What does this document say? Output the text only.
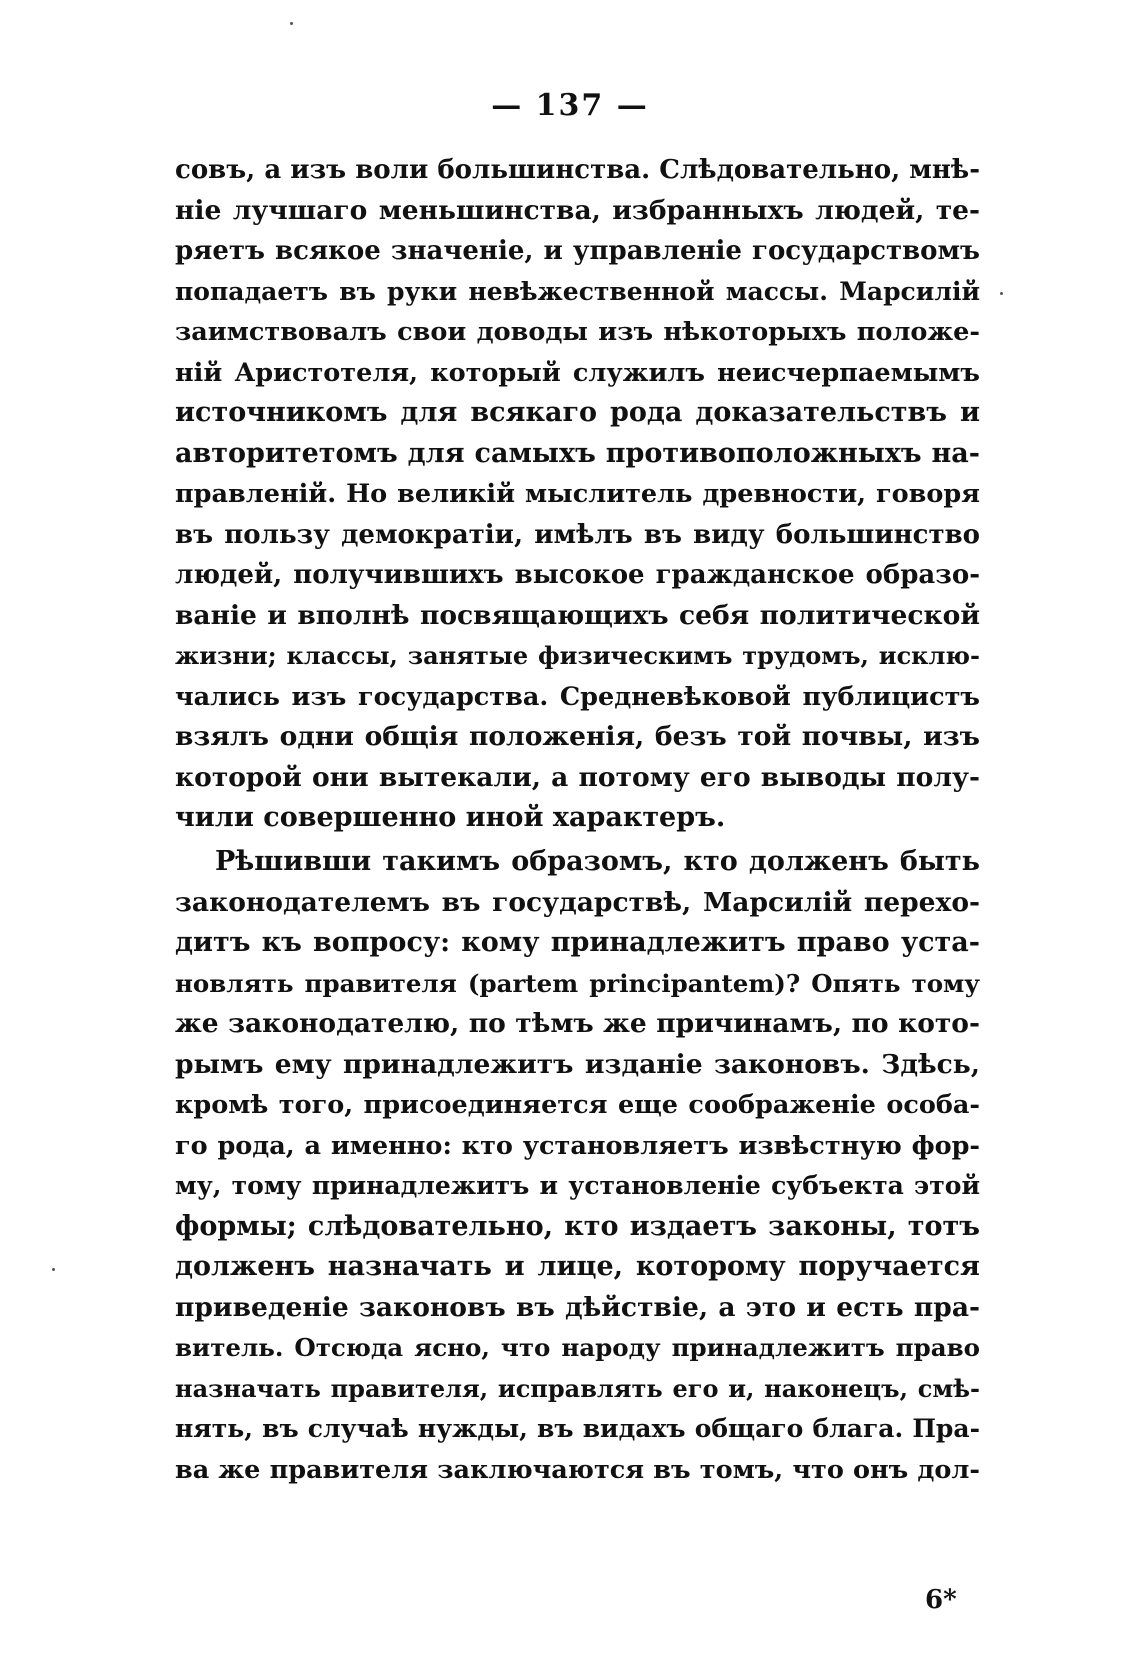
— 137 —
совъ, а изъ воли большинства. Слѣдовательно, мнѣ-
ніе лучшаго меньшинства, избранныхъ людей, те-
ряетъ всякое значеніе, и управленіе государствомъ
попадаетъ въ руки невѣжественной массы. Марсилій
заимствовалъ свои доводы изъ нѣкоторыхъ положе-
ній Аристотеля, который служилъ неисчерпаемымъ
источникомъ для всякаго рода доказательствъ и
авторитетомъ для самыхъ противоположныхъ на-
правленій. Но великій мыслитель древности, говоря
въ пользу демократіи, имѣлъ въ виду большинство
людей, получившихъ высокое гражданское образо-
ваніе и вполнѣ посвящающихъ себя политической
жизни; классы, занятые физическимъ трудомъ, исклю-
чались изъ государства. Средневѣковой публицистъ
взялъ одни общія положенія, безъ той почвы, изъ
которой они вытекали, а потому его выводы полу-
чили совершенно иной характеръ.
Рѣшивши такимъ образомъ, кто долженъ быть
законодателемъ въ государствѣ, Марсилій перехо-
дитъ къ вопросу: кому принадлежитъ право уста-
новлять правителя (partem principantem)? Опять тому
же законодателю, по тѣмъ же причинамъ, по кото-
рымъ ему принадлежитъ изданіе законовъ. Здѣсь,
кромѣ того, присоединяется еще соображеніе особа-
го рода, а именно: кто установляетъ извѣстную фор-
му, тому принадлежитъ и установленіе субъекта этой
формы; слѣдовательно, кто издаетъ законы, тотъ
долженъ назначать и лице, которому поручается
приведеніе законовъ въ дѣйствіе, а это и есть пра-
витель. Отсюда ясно, что народу принадлежитъ право
назначать правителя, исправлять его и, наконецъ, смѣ-
нять, въ случаѣ нужды, въ видахъ общаго блага. Пра-
ва же правителя заключаются въ томъ, что онъ дол-
6*
